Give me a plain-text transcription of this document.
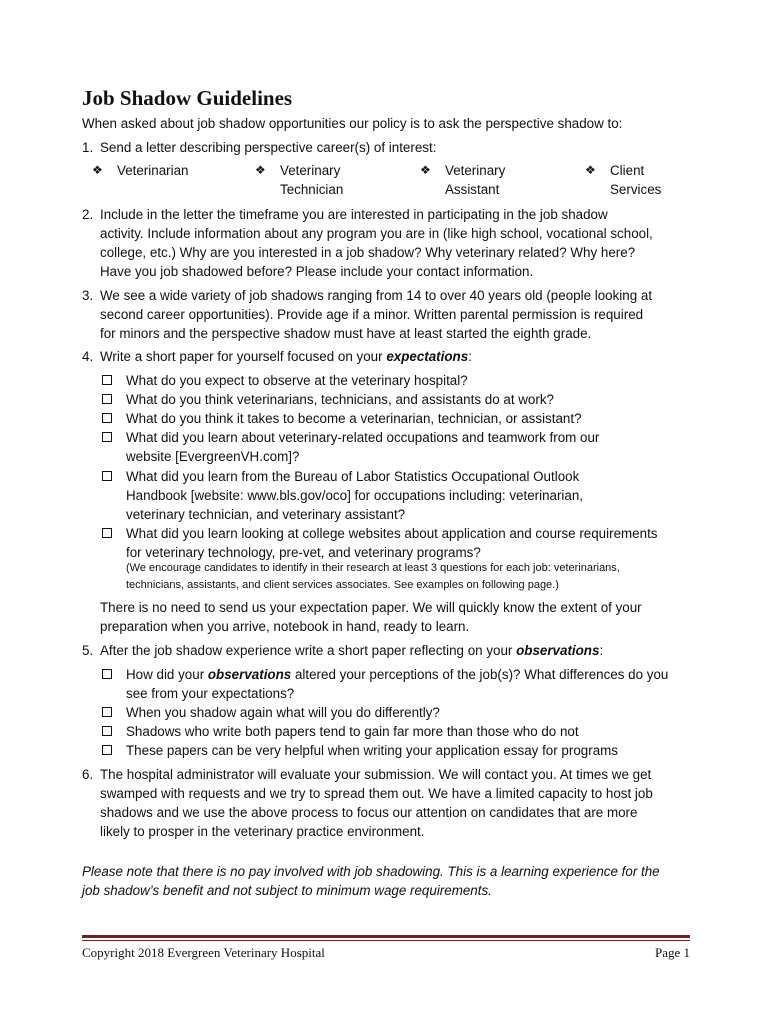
Job Shadow Guidelines

When asked about job shadow opportunities our policy is to ask the perspective shadow to:

1. Send a letter describing perspective career(s) of interest:
❖ Veterinarian	❖ Veterinary
Technician
❖ Veterinary
Assistant
❖ Client
Services
2. Include in the letter the timeframe you are interested in participating in the job shadow
activity. Include information about any program you are in (like high school, vocational school,
college, etc.) Why are you interested in a job shadow? Why veterinary related? Why here?
Have you job shadowed before? Please include your contact information.
3. We see a wide variety of job shadows ranging from 14 to over 40 years old (people looking at
second career opportunities). Provide age if a minor. Written parental permission is required
for minors and the perspective shadow must have at least started the eighth grade.
4. Write a short paper for yourself focused on your expectations:
What do you expect to observe at the veterinary hospital?
What do you think veterinarians, technicians, and assistants do at work?
What do you think it takes to become a veterinarian, technician, or assistant?
What did you learn about veterinary-related occupations and teamwork from our
website [EvergreenVH.com]?
What did you learn from the Bureau of Labor Statistics Occupational Outlook
Handbook [website: www.bls.gov/oco] for occupations including: veterinarian,
veterinary technician, and veterinary assistant?
What did you learn looking at college websites about application and course requirements
for veterinary technology, pre-vet, and veterinary programs?
(We encourage candidates to identify in their research at least 3 questions for each job: veterinarians,
technicians, assistants, and client services associates. See examples on following page.)
There is no need to send us your expectation paper. We will quickly know the extent of your
preparation when you arrive, notebook in hand, ready to learn.
5. After the job shadow experience write a short paper reflecting on your observations:
How did your observations altered your perceptions of the job(s)? What differences do you
see from your expectations?
When you shadow again what will you do differently?
Shadows who write both papers tend to gain far more than those who do not
These papers can be very helpful when writing your application essay for programs
6. The hospital administrator will evaluate your submission. We will contact you. At times we get
swamped with requests and we try to spread them out. We have a limited capacity to host job
shadows and we use the above process to focus our attention on candidates that are more
likely to prosper in the veterinary practice environment.
Please note that there is no pay involved with job shadowing. This is a learning experience for the
job shadow’s benefit and not subject to minimum wage requirements.
Copyright 2018 Evergreen Veterinary Hospital	Page 1
